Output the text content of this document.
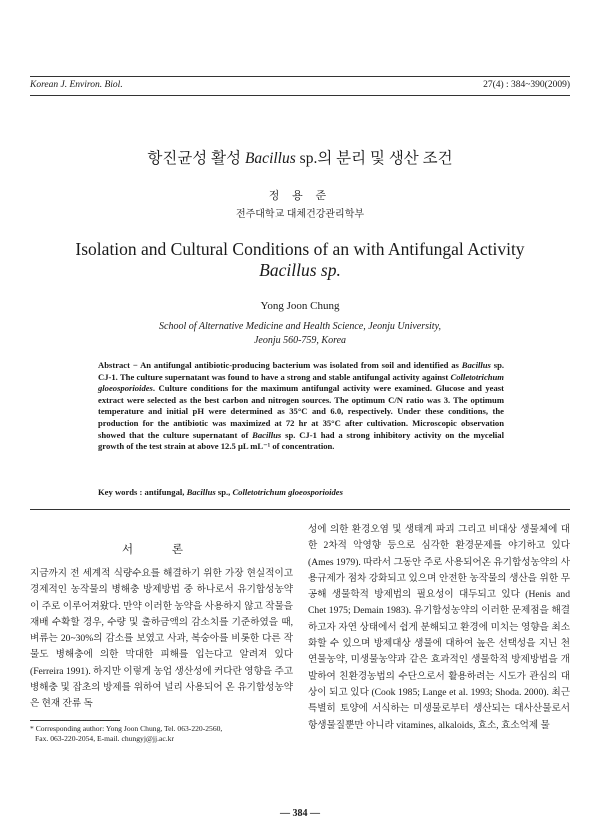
Korean J. Environ. Biol.	27(4) : 384~390(2009)
항진균성 활성 Bacillus sp.의 분리 및 생산 조건
정 용 준
전주대학교 대체건강관리학부
Isolation and Cultural Conditions of an with Antifungal Activity
Bacillus sp.
Yong Joon Chung
School of Alternative Medicine and Health Science, Jeonju University,
Jeonju 560-759, Korea
Abstract − An antifungal antibiotic-producing bacterium was isolated from soil and identified as Bacillus sp. CJ-1. The culture supernatant was found to have a strong and stable antifungal activity against Colletotrichum gloeosporioides. Culture conditions for the maximum antifungal activity were examined. Glucose and yeast extract were selected as the best carbon and nitrogen sources. The optimum C/N ratio was 3. The optimum temperature and initial pH were determined as 35°C and 6.0, respectively. Under these conditions, the production for the antibiotic was maximized at 72 hr at 35°C after cultivation. Microscopic observation showed that the culture supernatant of Bacillus sp. CJ-1 had a strong inhibitory activity on the mycelial growth of the test strain at above 12.5 μL mL⁻¹ of concentration.
Key words : antifungal, Bacillus sp., Colletotrichum gloeosporioides
서 론
지금까지 전 세계적 식량수요를 해결하기 위한 가장 현실적이고 경제적인 농작물의 병해충 방제방법 중 하나로서 유기합성농약이 주로 이루어져왔다. 만약 이러한 농약을 사용하지 않고 작물을 재배 수확할 경우, 수량 및 출하금액의 감소치를 기준하였을 때, 벼류는 20~30%의 감소를 보였고 사과, 복숭아를 비롯한 다른 작물도 병해충에 의한 막대한 피해를 입는다고 알려져 있다 (Ferreira 1991). 하지만 이렇게 농업 생산성에 커다란 영향을 주고 병해충 및 잡초의 방제를 위하여 널리 사용되어 온 유기합성농약은 현재 잔류 독
성에 의한 환경오염 및 생태계 파괴 그리고 비대상 생물체에 대한 2차적 악영향 등으로 심각한 환경문제를 야기하고 있다 (Ames 1979). 따라서 그동안 주로 사용되어온 유기합성농약의 사용규제가 점차 강화되고 있으며 안전한 농작물의 생산을 위한 무공해 생물학적 방제법의 필요성이 대두되고 있다 (Henis and Chet 1975; Demain 1983). 유기합성농약의 이러한 문제점을 해결하고자 자연 상태에서 쉽게 분해되고 환경에 미치는 영향을 최소화할 수 있으며 방제대상 생물에 대하여 높은 선택성을 지닌 천연물농약, 미생물농약과 같은 효과적인 생물학적 방제방법을 개발하여 친환경농법의 수단으로서 활용하려는 시도가 관심의 대상이 되고 있다 (Cook 1985; Lange et al. 1993; Shoda. 2000). 최근 특별히 토양에 서식하는 미생물로부터 생산되는 대사산물로서 항생물질뿐만 아니라 vitamines, alkaloids, 효소, 효소억제 물
* Corresponding author: Yong Joon Chung, Tel. 063-220-2560,
Fax. 063-220-2054, E-mail. chungyj@jj.ac.kr
— 384 —
